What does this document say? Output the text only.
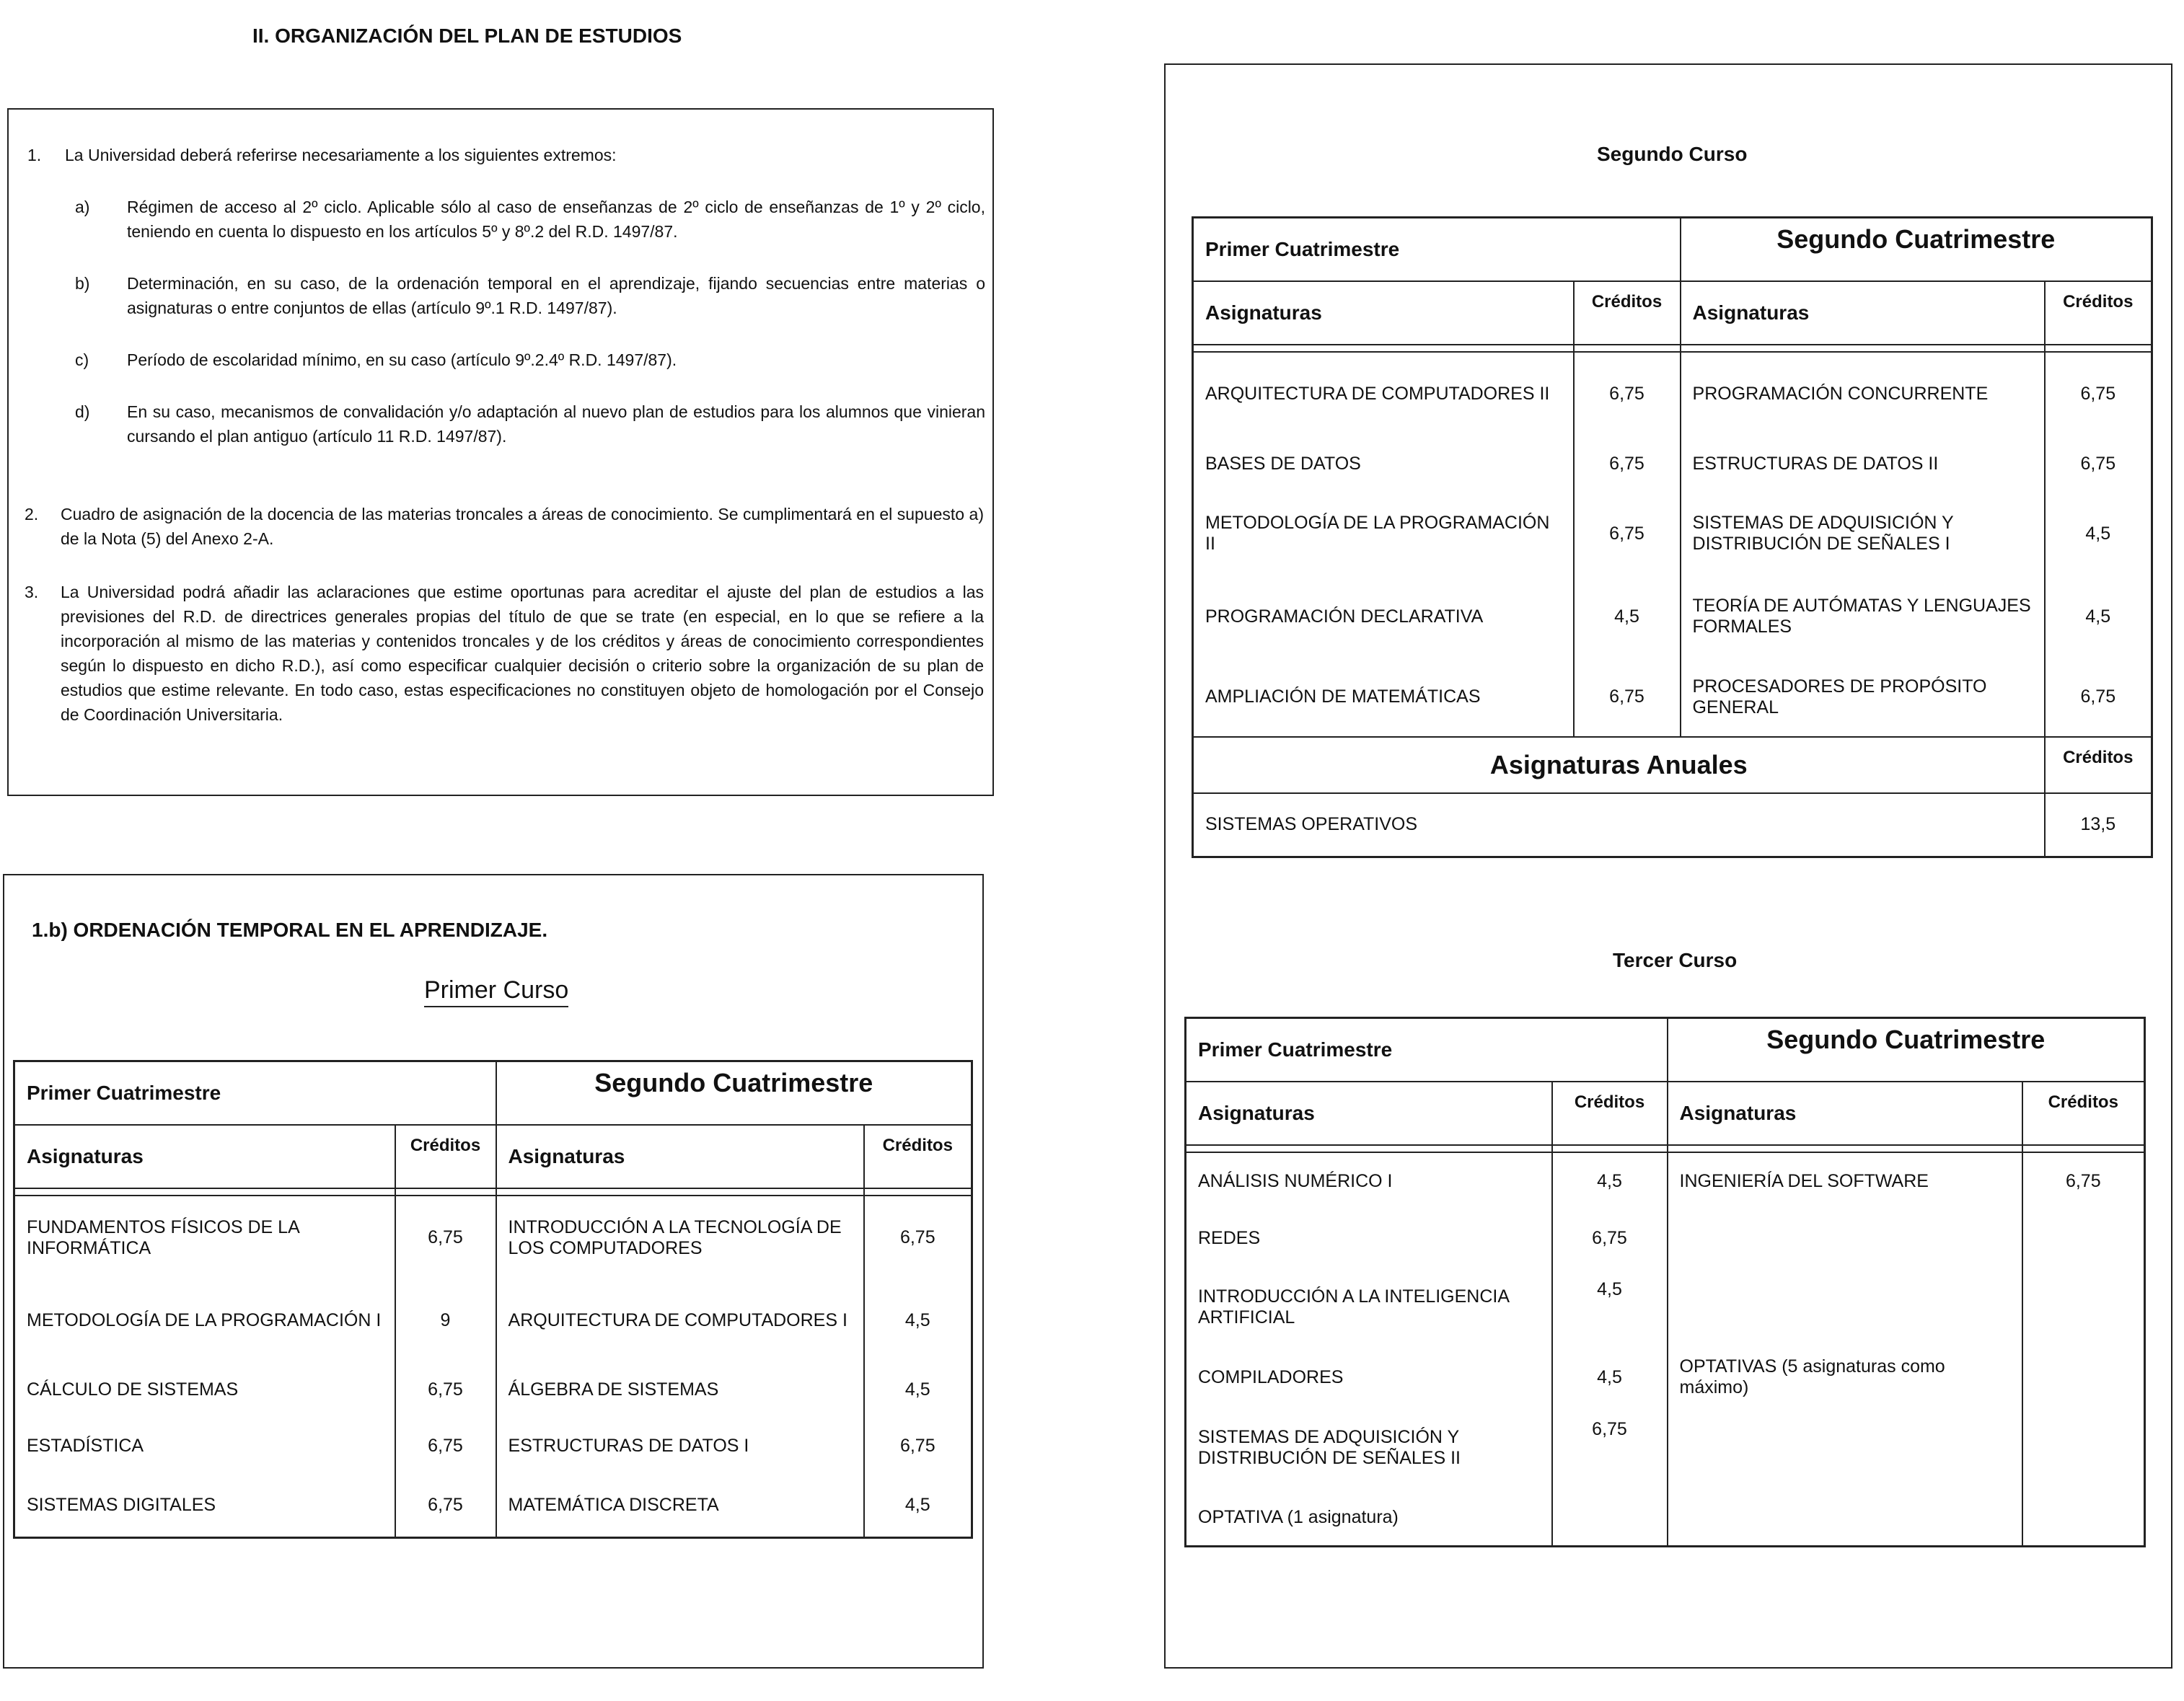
II. ORGANIZACIÓN DEL PLAN DE ESTUDIOS
1. La Universidad deberá referirse necesariamente a los siguientes extremos:
a) Régimen de acceso al 2º ciclo. Aplicable sólo al caso de enseñanzas de 2º ciclo de enseñanzas de 1º y 2º ciclo, teniendo en cuenta lo dispuesto en los artículos 5º y 8º.2 del R.D. 1497/87.
b) Determinación, en su caso, de la ordenación temporal en el aprendizaje, fijando secuencias entre materias o asignaturas o entre conjuntos de ellas (artículo 9º.1 R.D. 1497/87).
c) Período de escolaridad mínimo, en su caso (artículo 9º.2.4º R.D. 1497/87).
d) En su caso, mecanismos de convalidación y/o adaptación al nuevo plan de estudios para los alumnos que vinieran cursando el plan antiguo (artículo 11 R.D. 1497/87).
2. Cuadro de asignación de la docencia de las materias troncales a áreas de conocimiento. Se cumplimentará en el supuesto a) de la Nota (5) del Anexo 2-A.
3. La Universidad podrá añadir las aclaraciones que estime oportunas para acreditar el ajuste del plan de estudios a las previsiones del R.D. de directrices generales propias del título de que se trate (en especial, en lo que se refiere a la incorporación al mismo de las materias y contenidos troncales y de los créditos y áreas de conocimiento correspondientes según lo dispuesto en dicho R.D.), así como especificar cualquier decisión o criterio sobre la organización de su plan de estudios que estime relevante. En todo caso, estas especificaciones no constituyen objeto de homologación por el Consejo de Coordinación Universitaria.
1.b) ORDENACIÓN TEMPORAL EN EL APRENDIZAJE.
Primer Curso
Primer Cuatrimestre		Segundo Cuatrimestre	
Asignaturas	Créditos	Asignaturas	Créditos

FUNDAMENTOS FÍSICOS DE LA INFORMÁTICA	6,75	INTRODUCCIÓN A LA TECNOLOGÍA DE LOS COMPUTADORES	6,75
METODOLOGÍA DE LA PROGRAMACIÓN I	9	ARQUITECTURA DE COMPUTADORES I	4,5
CÁLCULO DE SISTEMAS	6,75	ÁLGEBRA DE SISTEMAS	4,5
ESTADÍSTICA	6,75	ESTRUCTURAS DE DATOS I	6,75
SISTEMAS DIGITALES	6,75	MATEMÁTICA DISCRETA	4,5
Segundo Curso
Primer Cuatrimestre		Segundo Cuatrimestre	
Asignaturas	Créditos	Asignaturas	Créditos

ARQUITECTURA DE COMPUTADORES II	6,75	PROGRAMACIÓN CONCURRENTE	6,75
BASES DE DATOS	6,75	ESTRUCTURAS DE DATOS II	6,75
METODOLOGÍA DE LA PROGRAMACIÓN II	6,75	SISTEMAS DE ADQUISICIÓN Y DISTRIBUCIÓN DE SEÑALES I	4,5
PROGRAMACIÓN DECLARATIVA	4,5	TEORÍA DE AUTÓMATAS Y LENGUAJES FORMALES	4,5
AMPLIACIÓN DE MATEMÁTICAS	6,75	PROCESADORES DE PROPÓSITO GENERAL	6,75
Asignaturas Anuales			Créditos
SISTEMAS OPERATIVOS			13,5
Tercer Curso
Primer Cuatrimestre		Segundo Cuatrimestre	
Asignaturas	Créditos	Asignaturas	Créditos

ANÁLISIS NUMÉRICO I	4,5	INGENIERÍA DEL SOFTWARE	6,75
REDES	6,75		
INTRODUCCIÓN A LA INTELIGENCIA ARTIFICIAL	4,5		
COMPILADORES	4,5	OPTATIVAS (5 asignaturas como máximo)	
SISTEMAS DE ADQUISICIÓN Y DISTRIBUCIÓN DE SEÑALES II	6,75		
OPTATIVA (1 asignatura)			
